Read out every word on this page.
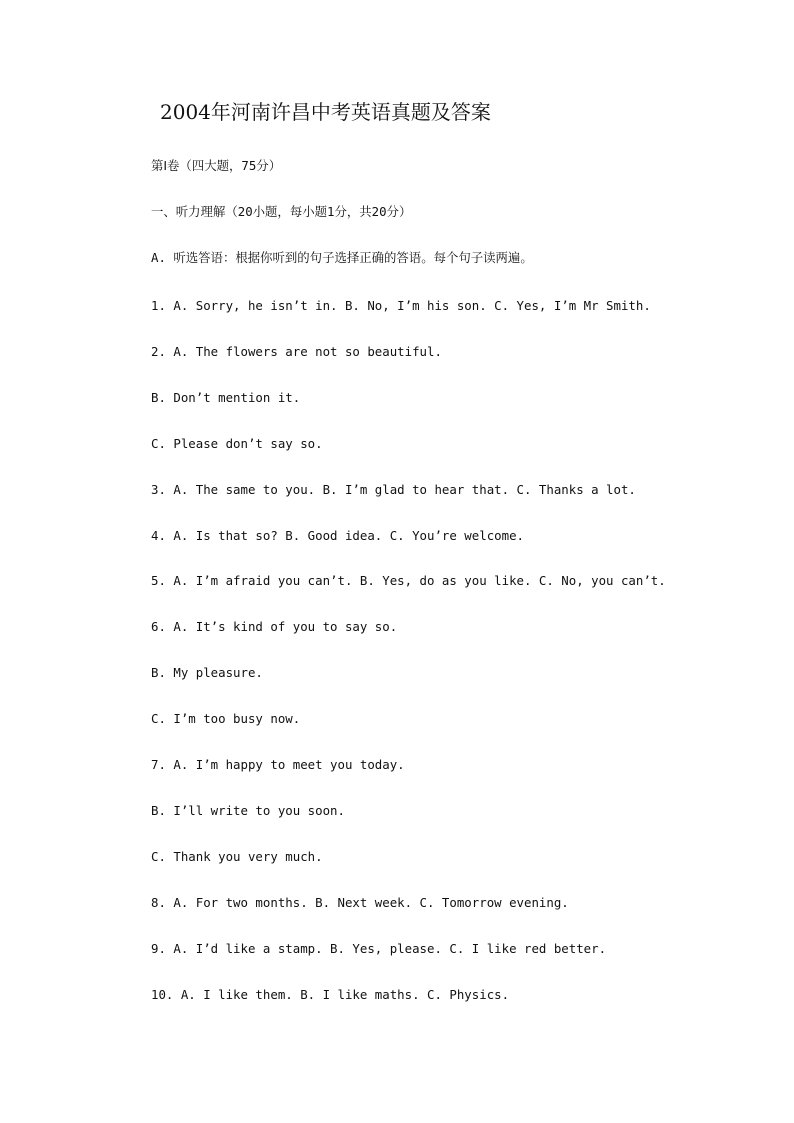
2004年河南许昌中考英语真题及答案
第Ⅰ卷（四大题，75分）
一、听力理解（20小题，每小题1分，共20分）
A. 听选答语：根据你听到的句子选择正确的答语。每个句子读两遍。
1. A. Sorry, he isn’t in. B. No, I’m his son. C. Yes, I’m Mr Smith.
2. A. The flowers are not so beautiful.
B. Don’t mention it.
C. Please don’t say so.
3. A. The same to you. B. I’m glad to hear that. C. Thanks a lot.
4. A. Is that so? B. Good idea. C. You’re welcome.
5. A. I’m afraid you can’t. B. Yes, do as you like. C. No, you can’t.
6. A. It’s kind of you to say so.
B. My pleasure.
C. I’m too busy now.
7. A. I’m happy to meet you today.
B. I’ll write to you soon.
C. Thank you very much.
8. A. For two months. B. Next week. C. Tomorrow evening.
9. A. I’d like a stamp. B. Yes, please. C. I like red better.
10. A. I like them. B. I like maths. C. Physics.
